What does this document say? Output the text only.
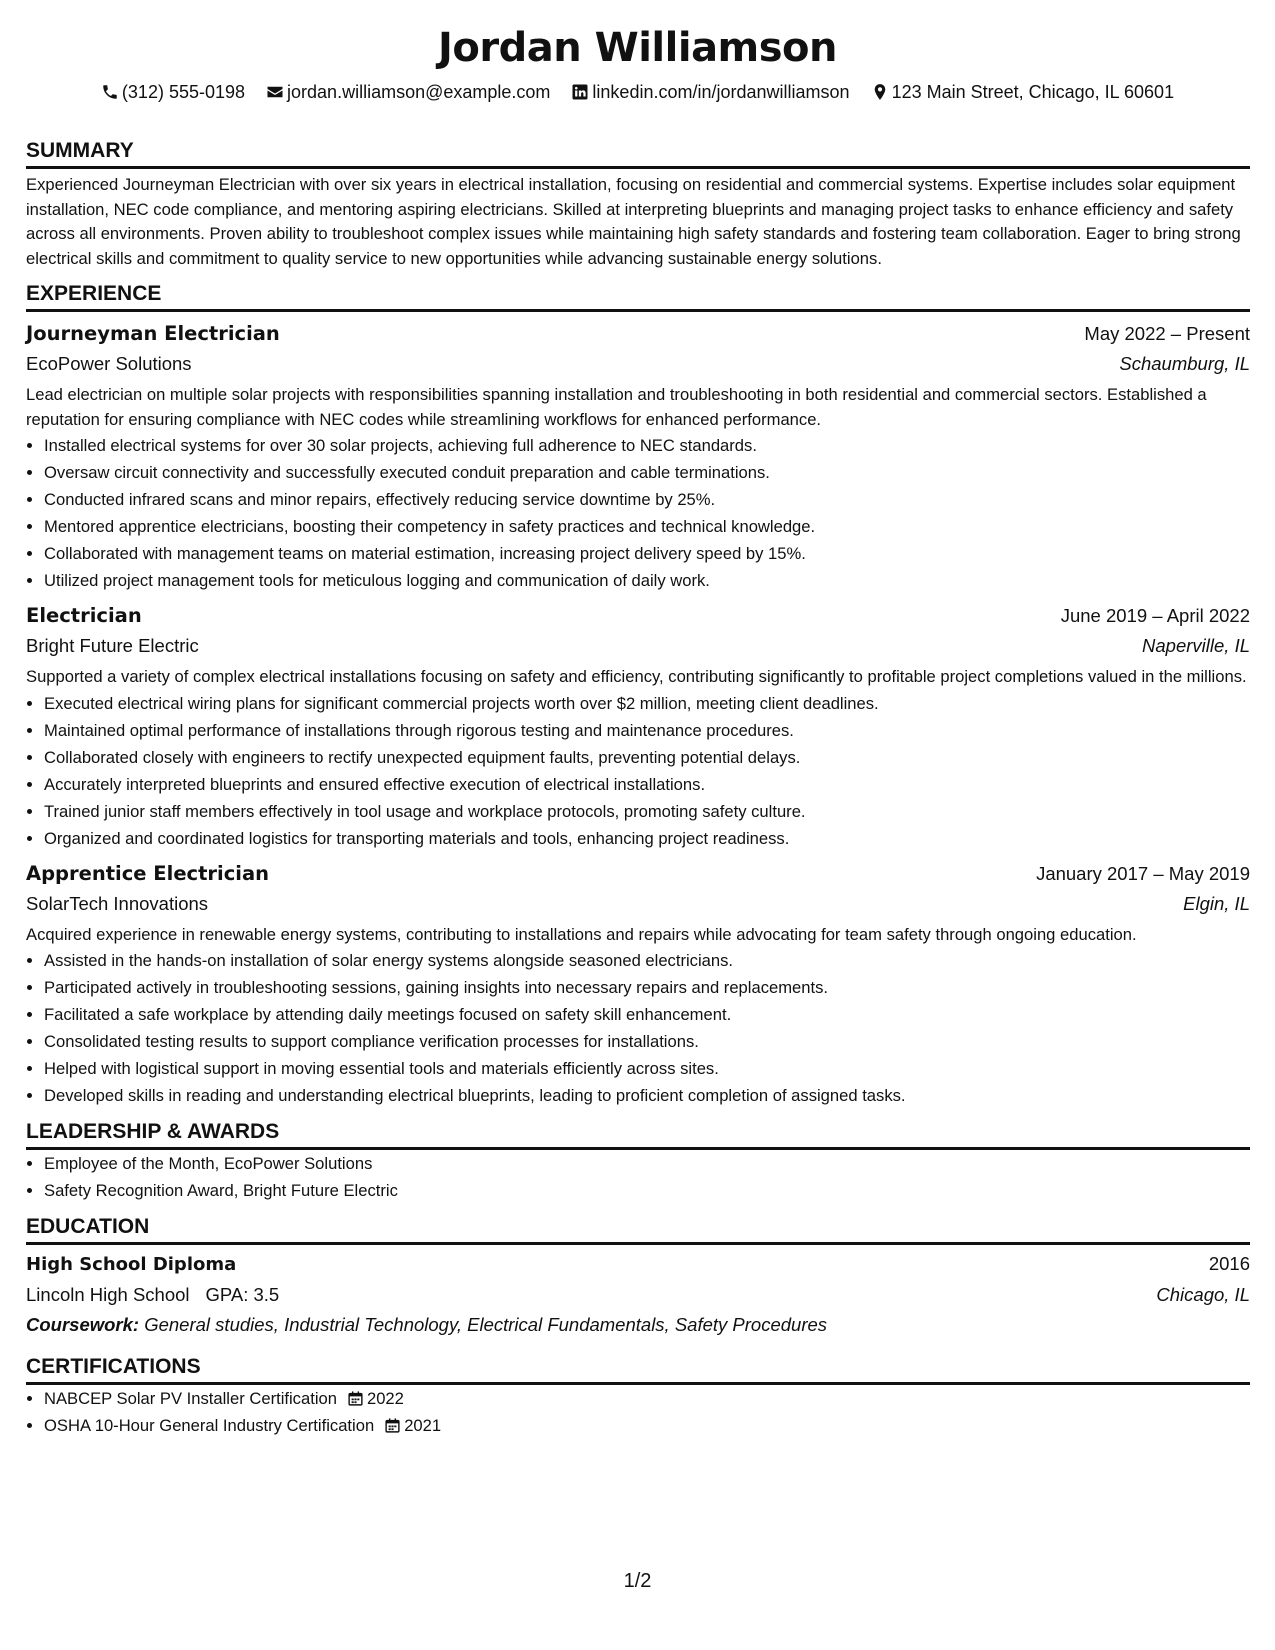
Jordan Williamson
(312) 555-0198 jordan.williamson@example.com linkedin.com/in/jordanwilliamson 123 Main Street, Chicago, IL 60601
SUMMARY

Experienced Journeyman Electrician with over six years in electrical installation, focusing on residential and commercial systems. Expertise includes solar equipment installation, NEC code compliance, and mentoring aspiring electricians. Skilled at interpreting blueprints and managing project tasks to enhance efficiency and safety across all environments. Proven ability to troubleshoot complex issues while maintaining high safety standards and fostering team collaboration. Eager to bring strong electrical skills and commitment to quality service to new opportunities while advancing sustainable energy solutions.

EXPERIENCE
Journeyman Electrician	May 2022 – Present
EcoPower Solutions	Schaumburg, IL

Lead electrician on multiple solar projects with responsibilities spanning installation and troubleshooting in both residential and commercial sectors. Established a reputation for ensuring compliance with NEC codes while streamlining workflows for enhanced performance.

• Installed electrical systems for over 30 solar projects, achieving full adherence to NEC standards.
• Oversaw circuit connectivity and successfully executed conduit preparation and cable terminations.
• Conducted infrared scans and minor repairs, effectively reducing service downtime by 25%.
• Mentored apprentice electricians, boosting their competency in safety practices and technical knowledge.
• Collaborated with management teams on material estimation, increasing project delivery speed by 15%.
• Utilized project management tools for meticulous logging and communication of daily work.
Electrician	June 2019 – April 2022
Bright Future Electric	Naperville, IL

Supported a variety of complex electrical installations focusing on safety and efficiency, contributing significantly to profitable project completions valued in the millions.

• Executed electrical wiring plans for significant commercial projects worth over $2 million, meeting client deadlines.
• Maintained optimal performance of installations through rigorous testing and maintenance procedures.
• Collaborated closely with engineers to rectify unexpected equipment faults, preventing potential delays.
• Accurately interpreted blueprints and ensured effective execution of electrical installations.
• Trained junior staff members effectively in tool usage and workplace protocols, promoting safety culture.
• Organized and coordinated logistics for transporting materials and tools, enhancing project readiness.
Apprentice Electrician	January 2017 – May 2019
SolarTech Innovations	Elgin, IL

Acquired experience in renewable energy systems, contributing to installations and repairs while advocating for team safety through ongoing education.

• Assisted in the hands-on installation of solar energy systems alongside seasoned electricians.
• Participated actively in troubleshooting sessions, gaining insights into necessary repairs and replacements.
• Facilitated a safe workplace by attending daily meetings focused on safety skill enhancement.
• Consolidated testing results to support compliance verification processes for installations.
• Helped with logistical support in moving essential tools and materials efficiently across sites.
• Developed skills in reading and understanding electrical blueprints, leading to proficient completion of assigned tasks.
LEADERSHIP & AWARDS
• Employee of the Month, EcoPower Solutions
• Safety Recognition Award, Bright Future Electric
EDUCATION
High School Diploma	2016
Lincoln High School GPA: 3.5	Chicago, IL
Coursework: General studies, Industrial Technology, Electrical Fundamentals, Safety Procedures
CERTIFICATIONS
• NABCEP Solar PV Installer Certification 2022
• OSHA 10-Hour General Industry Certification 2021
1/2
